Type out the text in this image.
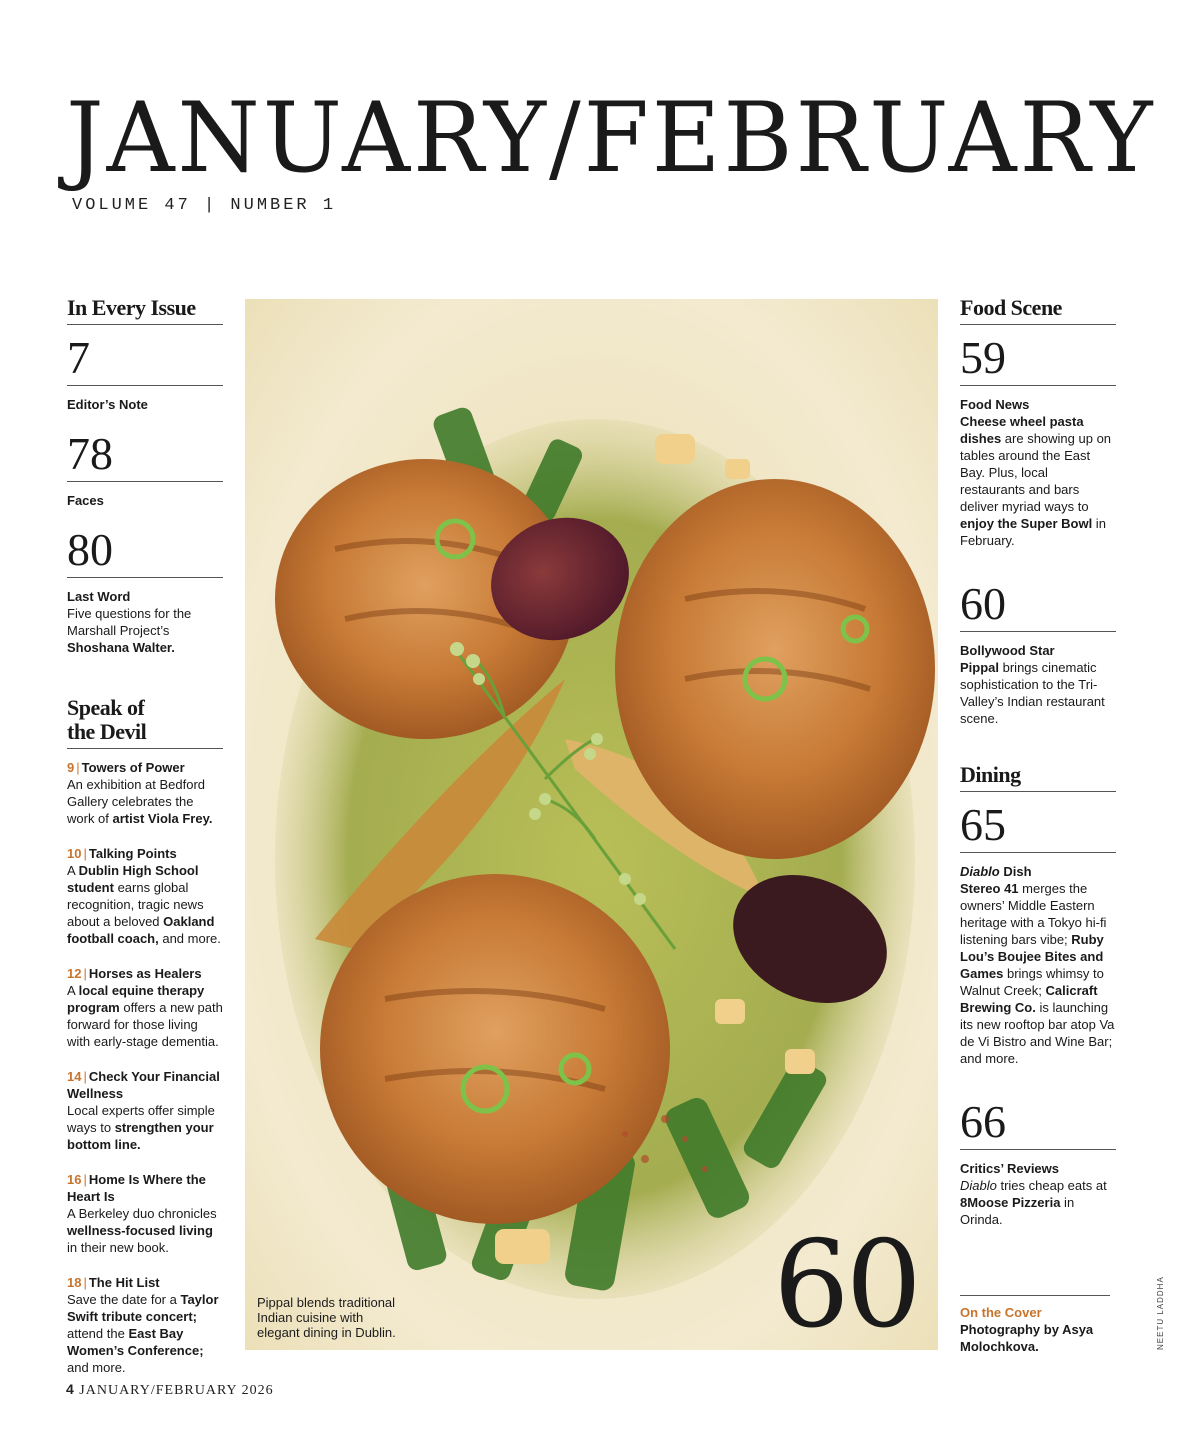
JANUARY/FEBRUARY
VOLUME 47 | NUMBER 1
In Every Issue
7
Editor’s Note
78
Faces
80
Last Word
Five questions for the Marshall Project’s Shoshana Walter.
Speak of
the Devil
9 | Towers of Power
An exhibition at Bedford Gallery celebrates the work of artist Viola Frey.
10 | Talking Points
A Dublin High School student earns global recognition, tragic news about a beloved Oakland football coach, and more.
12 | Horses as Healers
A local equine therapy program offers a new path forward for those living with early-stage dementia.
14 | Check Your Financial Wellness
Local experts offer simple ways to strengthen your bottom line.
16 | Home Is Where the Heart Is
A Berkeley duo chronicles wellness-focused living in their new book.
18 | The Hit List
Save the date for a Taylor Swift tribute concert; attend the East Bay Women’s Conference; and more.
Pippal blends traditional Indian cuisine with elegant dining in Dublin.	60
Food Scene
59
Food News
Cheese wheel pasta dishes are showing up on tables around the East Bay. Plus, local restaurants and bars deliver myriad ways to enjoy the Super Bowl in February.
60
Bollywood Star
Pippal brings cinematic sophistication to the Tri-Valley’s Indian restaurant scene.
Dining
65
Diablo Dish
Stereo 41 merges the owners’ Middle Eastern heritage with a Tokyo hi-fi listening bars vibe; Ruby Lou’s Boujee Bites and Games brings whimsy to Walnut Creek; Calicraft Brewing Co. is launching its new rooftop bar atop Va de Vi Bistro and Wine Bar; and more.
66
Critics’ Reviews
Diablo tries cheap eats at 8Moose Pizzeria in Orinda.
On the Cover
Photography by Asya Molochkova.	NEETU LADDHA
4 JANUARY/FEBRUARY 2026
